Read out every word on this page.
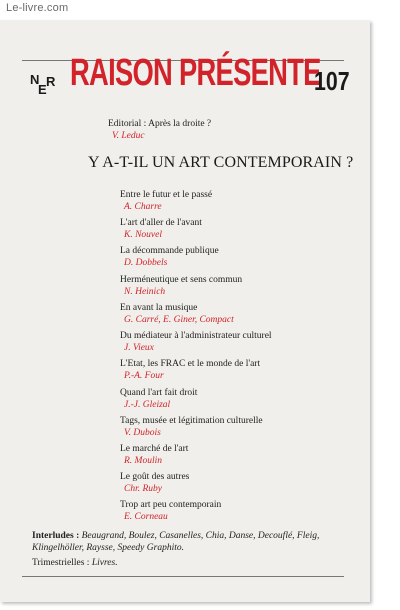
Le-livre.com
N
E
R RAISON PRÉSENTE
107
Editorial : Après la droite ?
V. Leduc
Y A-T-IL UN ART CONTEMPORAIN ?
Entre le futur et le passé
A. Charre
L'art d'aller de l'avant
K. Nouvel
La décommande publique
D. Dobbels
Herméneutique et sens commun
N. Heinich
En avant la musique
G. Carré, E. Giner, Compact
Du médiateur à l'administrateur culturel
J. Vieux
L'Etat, les FRAC et le monde de l'art
P.-A. Four
Quand l'art fait droit
J.-J. Gleizal
Tags, musée et légitimation culturelle
V. Dubois
Le marché de l'art
R. Moulin
Le goût des autres
Chr. Ruby
Trop art peu contemporain
E. Corneau
Interludes : Beaugrand, Boulez, Casanelles, Chia, Danse, Decouflé, Fleig, Klingelhöller, Raysse, Speedy Graphito.
Trimestrielles : Livres.
